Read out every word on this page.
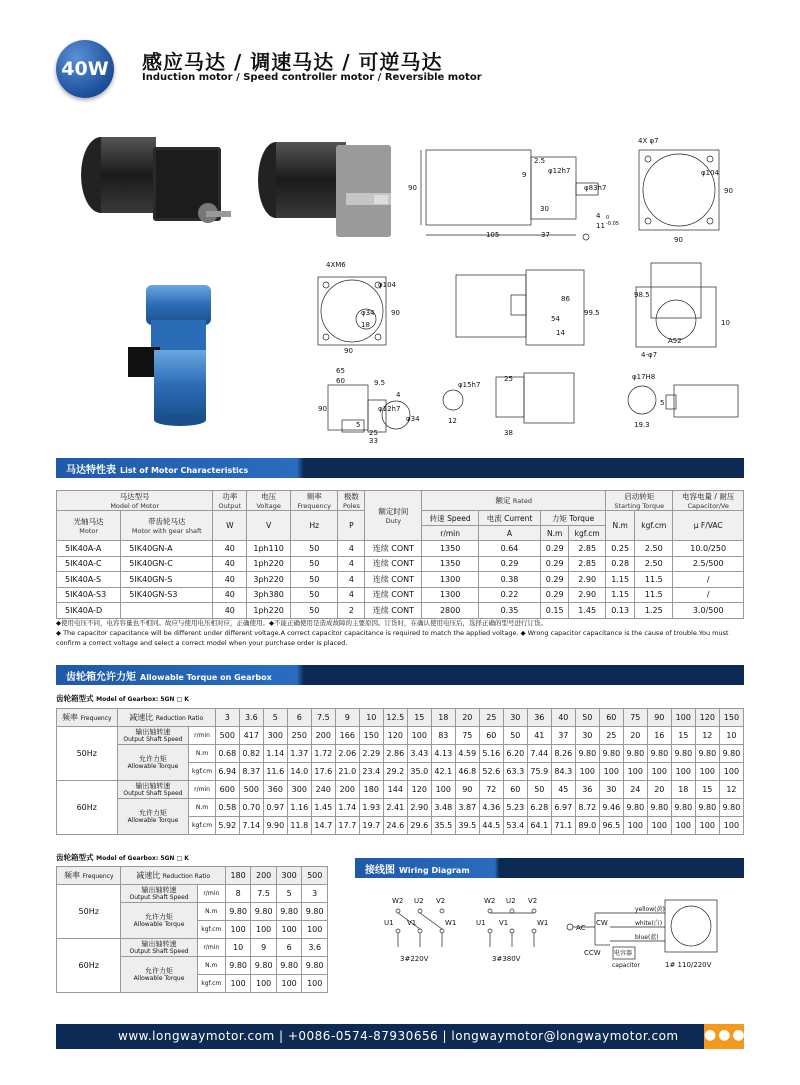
40W 感应马达 / 调速马达 / 可逆马达
Induction motor / Speed controller motor / Reversible motor
90
2.5
φ12h7
9
φ83h7
30
105	37
4
11 -0.05
0
4X φ7
φ104
90
90
4XM6
φ104
φ34
18
90
90
86
99.5
54
14
98.5
A52
10
4-φ7
65
60	9.5
4
φ12h7
90
φ34
5
25
33
φ15h7
12
25
38
φ17H8
5
19.3
马达特性表 List of Motor Characteristics
马达型号
Model of Motor		功率
Output	电压
Voltage	频率
Frequency	极数
Poles	额定时间
Duty	额定 Rated				启动转矩
Starting Torque		电容电量 / 耐压
Capacitor/Ve

光轴马达
Motor	带齿轮马达
Motor with gear shaft	W	V	Hz	P		转速 Speed	电流 Current	力矩 Torque		N.m	kgf.cm	μ F/VAC
							r/min	A	N.m	kgf.cm			
5IK40A-A	5IK40GN-A	40	1ph110	50	4	连续 CONT	1350	0.64	0.29	2.85	0.25	2.50	10.0/250
5IK40A-C	5IK40GN-C	40	1ph220	50	4	连续 CONT	1350	0.29	0.29	2.85	0.28	2.50	2.5/500
5IK40A-S	5IK40GN-S	40	3ph220	50	4	连续 CONT	1300	0.38	0.29	2.90	1.15	11.5	/
5IK40A-S3	5IK40GN-S3	40	3ph380	50	4	连续 CONT	1300	0.22	0.29	2.90	1.15	11.5	/
5IK40A-D		40	1ph220	50	2	连续 CONT	2800	0.35	0.15	1.45	0.13	1.25	3.0/500
◆使用电压不同，电容容量也不相同。故应与使用电压相对应，正确使用。◆不能正确使用是造成故障的主要原因。订货时，在确认使用电压后，选择正确的型号进行订货。
◆ The capacitor capacitance will be different under different voltage.A correct capacitor capacitance is required to match the applied voltage. ◆ Wrong capacitor capacitance is the cause of trouble.You must
confirm a correct voltage and select a correct model when your purchase order is placed.
齿轮箱允许力矩 Allowable Torque on Gearbox
齿轮箱型式 Model of Gearbox: 5GN □ K
频率 Frequency	减速比 Reduction Ratio		3	3.6	5	6	7.5	9	10	12.5	15	18	20	25	30	36	40	50	60	75	90	100	120	150
50Hz	输出轴转速
Output Shaft Speed	r/min	500	417	300	250	200	166	150	120	100	83	75	60	50	41	37	30	25	20	16	15	12	10

	允许力矩
Allowable Torque	N.m	0.68	0.82	1.14	1.37	1.72	2.06	2.29	2.86	3.43	4.13	4.59	5.16	6.20	7.44	8.26	9.80	9.80	9.80	9.80	9.80	9.80	9.80
		kgf.cm	6.94	8.37	11.6	14.0	17.6	21.0	23.4	29.2	35.0	42.1	46.8	52.6	63.3	75.9	84.3	100	100	100	100	100	100	100
60Hz	输出轴转速
Output Shaft Speed	r/min	600	500	360	300	240	200	180	144	120	100	90	72	60	50	45	36	30	24	20	18	15	12

	允许力矩
Allowable Torque	N.m	0.58	0.70	0.97	1.16	1.45	1.74	1.93	2.41	2.90	3.48	3.87	4.36	5.23	6.28	6.97	8.72	9.46	9.80	9.80	9.80	9.80	9.80
		kgf.cm	5.92	7.14	9.90	11.8	14.7	17.7	19.7	24.6	29.6	35.5	39.5	44.5	53.4	64.1	71.1	89.0	96.5	100	100	100	100	100
齿轮箱型式 Model of Gearbox: 5GN □ K
频率 Frequency	减速比 Reduction Ratio		180	200	300	500
50Hz	输出轴转速
Output Shaft Speed	r/min	8	7.5	5	3

	允许力矩
Allowable Torque	N.m	9.80	9.80	9.80	9.80
		kgf.cm	100	100	100	100
60Hz	输出轴转速
Output Shaft Speed	r/min	10	9	6	3.6

	允许力矩
Allowable Torque	N.m	9.80	9.80	9.80	9.80
		kgf.cm	100	100	100	100
接线图 Wiring Diagram
W2 U2 V2
U1 V1	W1
W2 U2 V2
U1 V1	W1
3#220V	3#380V
AC
CW
CCW
yellow(黄)
white(白)
blue(蓝)
电容器
capacitor	1# 110/220V
www.longwaymotor.com | +0086-0574-87930656 | longwaymotor@longwaymotor.com ●●●
